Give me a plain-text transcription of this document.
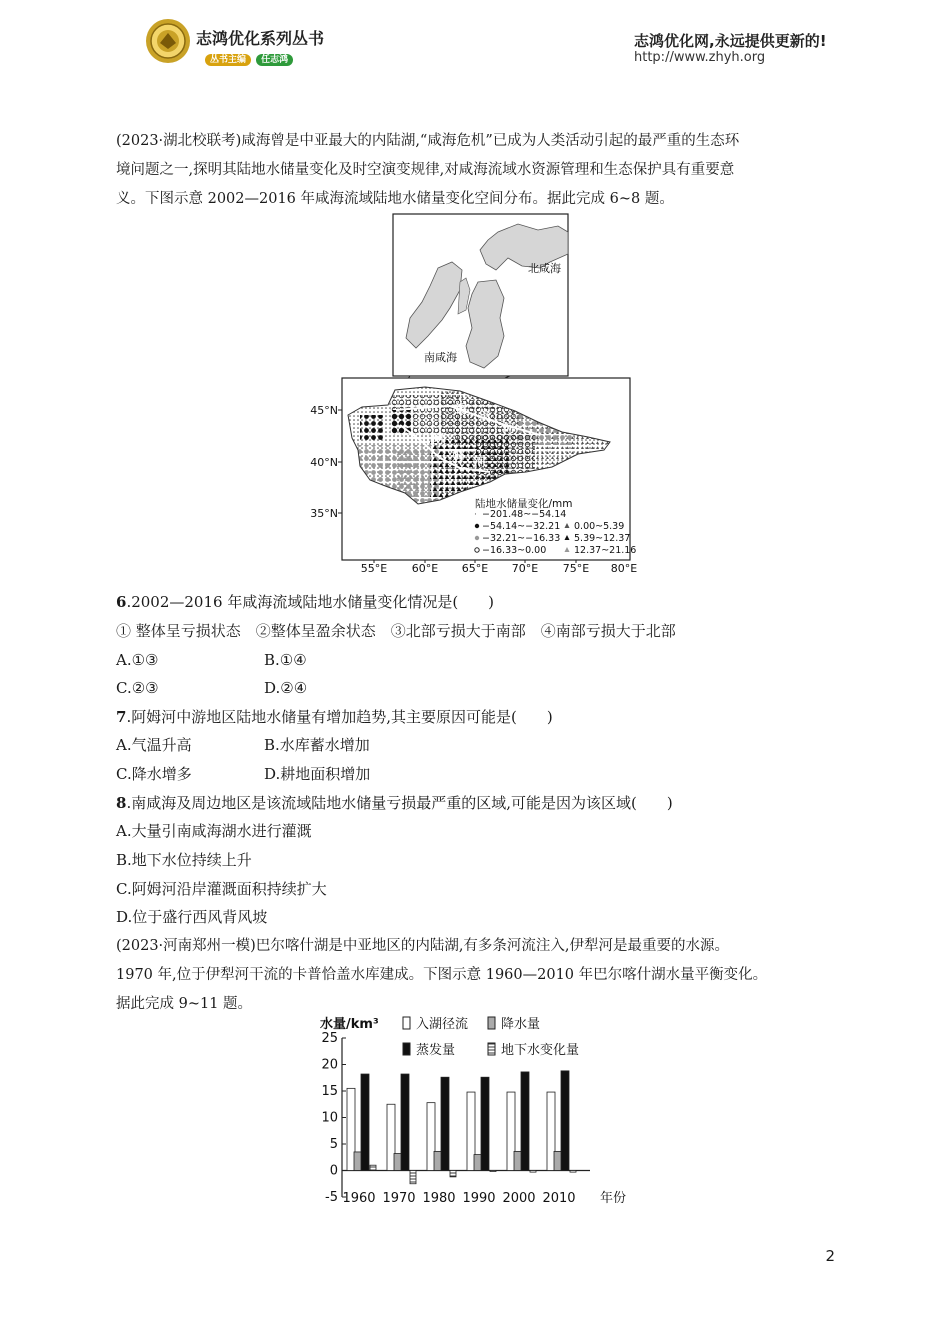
志鸿优化系列丛书
丛书主编 任志鸿
志鸿优化网,永远提供更新的!
http://www.zhyh.org
(2023·湖北校联考)咸海曾是中亚最大的内陆湖,“咸海危机”已成为人类活动引起的最严重的生态环
境问题之一,探明其陆地水储量变化及时空演变规律,对咸海流域水资源管理和生态保护具有重要意
义。下图示意 2002—2016 年咸海流域陆地水储量变化空间分布。据此完成 6~8 题。
北咸海
南咸海
锡 尔
河
阿
姆 河
45°N
40°N
35°N
55°E 60°E 65°E 70°E 75°E 80°E
陆地水储量变化/mm
· −201.48~−54.14
−54.14~−32.21
−32.21~−16.33
−16.33~0.00
0.00~5.39
5.39~12.37
12.37~21.16
6.2002—2016 年咸海流域陆地水储量变化情况是(　　)
① 整体呈亏损状态　②整体呈盈余状态　③北部亏损大于南部　④南部亏损大于北部
A.①③	B.①④
C.②③	D.②④
7.阿姆河中游地区陆地水储量有增加趋势,其主要原因可能是(　　)
A.气温升高	B.水库蓄水增加
C.降水增多	D.耕地面积增加
8.南咸海及周边地区是该流域陆地水储量亏损最严重的区域,可能是因为该区域(　　)
A.大量引南咸海湖水进行灌溉
B.地下水位持续上升
C.阿姆河沿岸灌溉面积持续扩大
D.位于盛行西风背风坡
(2023·河南郑州一模)巴尔喀什湖是中亚地区的内陆湖,有多条河流注入,伊犁河是最重要的水源。
1970 年,位于伊犁河干流的卡普恰盖水库建成。下图示意 1960—2010 年巴尔喀什湖水量平衡变化。
据此完成 9~11 题。
水量/km³	入湖径流	降水量
蒸发量	地下水变化量
-5
0
5
10
15
20
25
1960 1970 1980 1990 2000 2010 年份
2
